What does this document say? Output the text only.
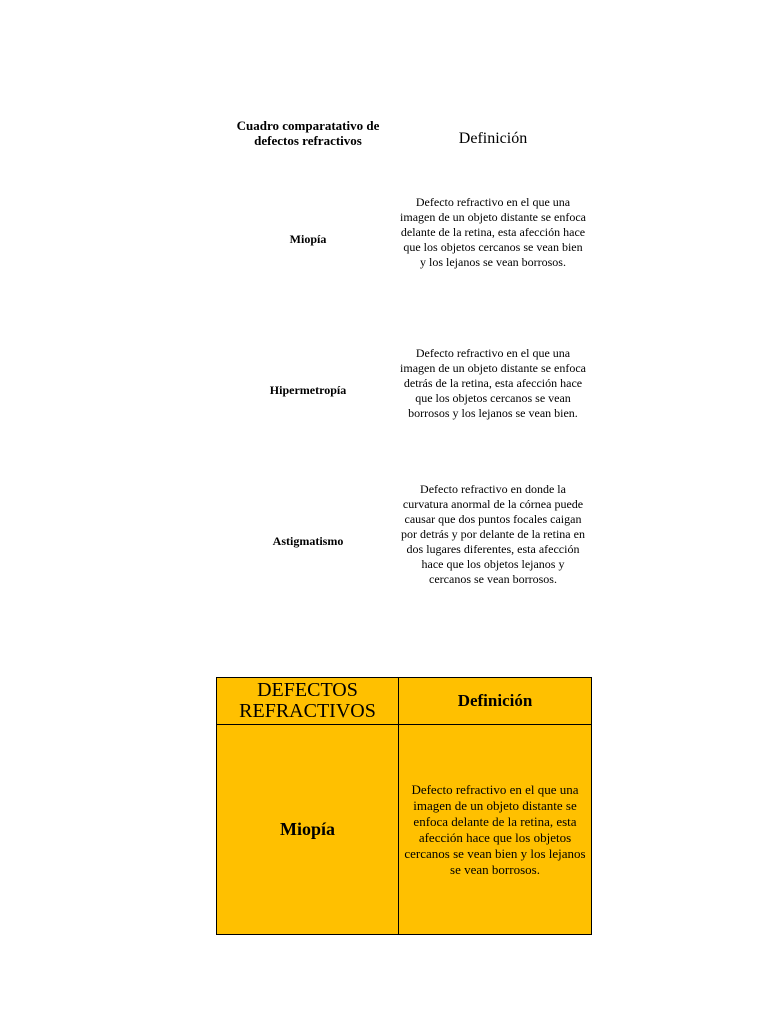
Cuadro comparatativo de defectos refractivos	Definición
Miopía
Defecto refractivo en el que una imagen de un objeto distante se enfoca delante de la retina, esta afección hace que los objetos cercanos se vean bien y los lejanos se vean borrosos.
Hipermetropía
Defecto refractivo en el que una imagen de un objeto distante se enfoca detrás de la retina, esta afección hace que los objetos cercanos se vean borrosos y los lejanos se vean bien.
Astigmatismo
Defecto refractivo en donde la curvatura anormal de la córnea puede causar que dos puntos focales caigan por detrás y por delante de la retina en dos lugares diferentes, esta afección hace que los objetos lejanos y cercanos se vean borrosos.
DEFECTOS REFRACTIVOS	Definición
Miopía
Defecto refractivo en el que una imagen de un objeto distante se enfoca delante de la retina, esta afección hace que los objetos cercanos se vean bien y los lejanos se vean borrosos.
